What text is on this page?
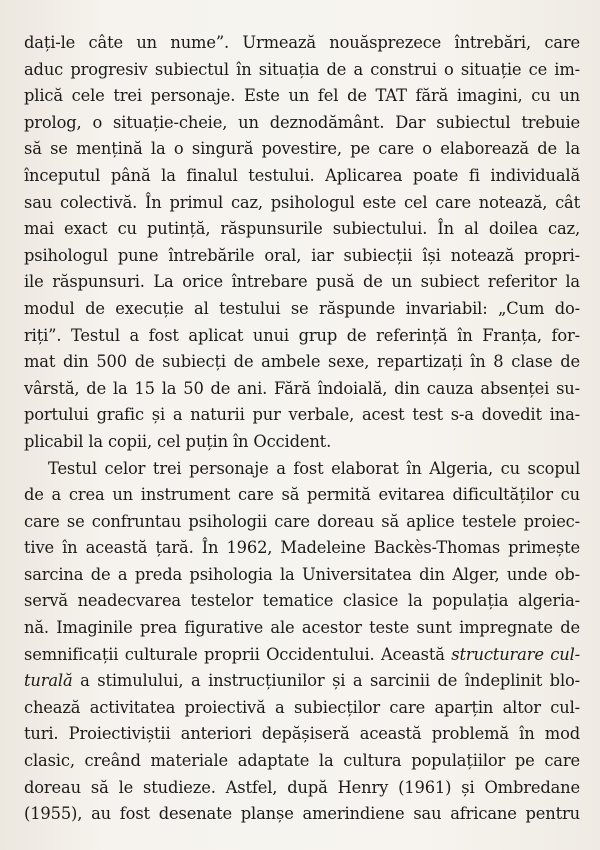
dați-le câte un nume”. Urmează nouăsprezece întrebări, care
aduc progresiv subiectul în situația de a construi o situație ce im-
plică cele trei personaje. Este un fel de TAT fără imagini, cu un
prolog, o situație-cheie, un deznodământ. Dar subiectul trebuie
să se mențină la o singură povestire, pe care o elaborează de la
începutul până la finalul testului. Aplicarea poate fi individuală
sau colectivă. În primul caz, psihologul este cel care notează, cât
mai exact cu putință, răspunsurile subiectului. În al doilea caz,
psihologul pune întrebările oral, iar subiecții își notează propri-
ile răspunsuri. La orice întrebare pusă de un subiect referitor la
modul de execuție al testului se răspunde invariabil: „Cum do-
riți”. Testul a fost aplicat unui grup de referință în Franța, for-
mat din 500 de subiecți de ambele sexe, repartizați în 8 clase de
vârstă, de la 15 la 50 de ani. Fără îndoială, din cauza absenței su-
portului grafic și a naturii pur verbale, acest test s-a dovedit ina-
plicabil la copii, cel puțin în Occident.
Testul celor trei personaje a fost elaborat în Algeria, cu scopul
de a crea un instrument care să permită evitarea dificultăților cu
care se confruntau psihologii care doreau să aplice testele proiec-
tive în această țară. În 1962, Madeleine Backès-Thomas primește
sarcina de a preda psihologia la Universitatea din Alger, unde ob-
servă neadecvarea testelor tematice clasice la populația algeria-
nă. Imaginile prea figurative ale acestor teste sunt impregnate de
semnificații culturale proprii Occidentului. Această structurare cul-
turală a stimulului, a instrucțiunilor și a sarcinii de îndeplinit blo-
chează activitatea proiectivă a subiecților care aparțin altor cul-
turi. Proiectiviștii anteriori depășiseră această problemă în mod
clasic, creând materiale adaptate la cultura populațiilor pe care
doreau să le studieze. Astfel, după Henry (1961) și Ombredane
(1955), au fost desenate planșe amerindiene sau africane pentru
